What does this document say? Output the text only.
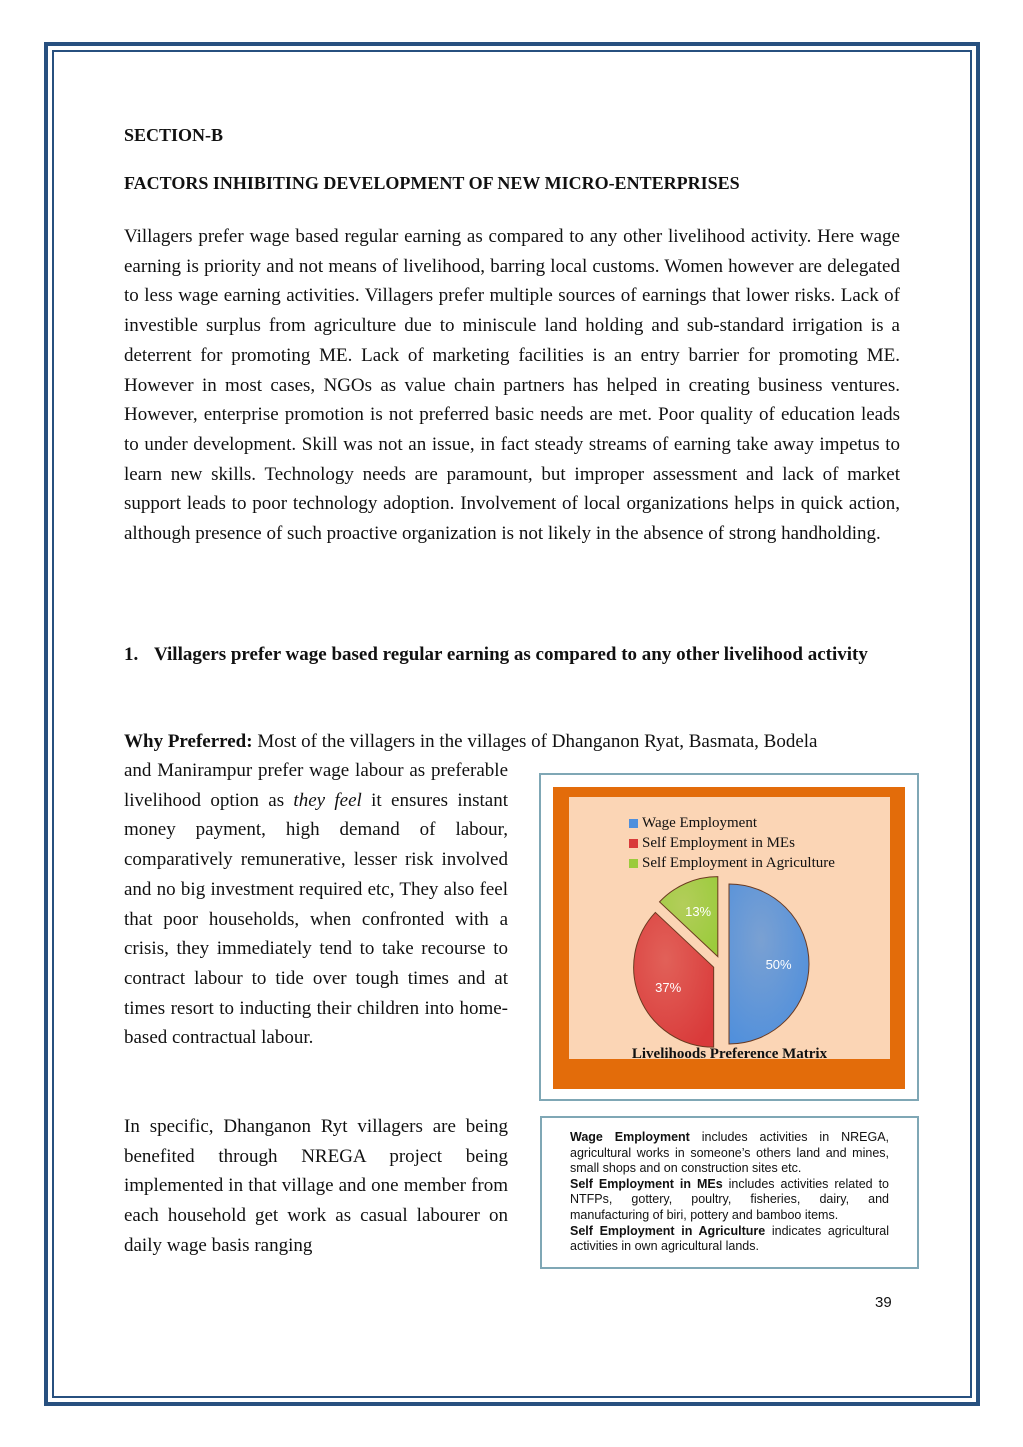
SECTION-B
FACTORS INHIBITING DEVELOPMENT OF NEW MICRO-ENTERPRISES

Villagers prefer wage based regular earning as compared to any other livelihood activity. Here wage earning is priority and not means of livelihood, barring local customs. Women however are delegated to less wage earning activities. Villagers prefer multiple sources of earnings that lower risks. Lack of investible surplus from agriculture due to miniscule land holding and sub-standard irrigation is a deterrent for promoting ME. Lack of marketing facilities is an entry barrier for promoting ME. However in most cases, NGOs as value chain partners has helped in creating business ventures. However, enterprise promotion is not preferred basic needs are met. Poor quality of education leads to under development. Skill was not an issue, in fact steady streams of earning take away impetus to learn new skills. Technology needs are paramount, but improper assessment and lack of market support leads to poor technology adoption. Involvement of local organizations helps in quick action, although presence of such proactive organization is not likely in the absence of strong handholding.

1. Villagers prefer wage based regular earning as compared to any other livelihood activity

Why Preferred: Most of the villagers in the villages of Dhanganon Ryat, Basmata, Bodela

and Manirampur prefer wage labour as preferable livelihood option as they feel it ensures instant money payment, high demand of labour, comparatively remunerative, lesser risk involved and no big investment required etc, They also feel that poor households, when confronted with a crisis, they immediately tend to take recourse to contract labour to tide over tough times and at times resort to inducting their children into home-based contractual labour.

In specific, Dhanganon Ryt villagers are being benefited through NREGA project being implemented in that village and one member from each household get work as casual labourer on daily wage basis ranging

Wage Employment
Self Employment in MEs
Self Employment in Agriculture
50%
37%
13%
Livelihoods Preference Matrix

Wage Employment includes activities in NREGA, agricultural works in someone’s others land and mines, small shops and on construction sites etc.

Self Employment in MEs includes activities related to NTFPs, gottery, poultry, fisheries, dairy, and manufacturing of biri, pottery and bamboo items.

Self Employment in Agriculture indicates agricultural activities in own agricultural lands.

39
